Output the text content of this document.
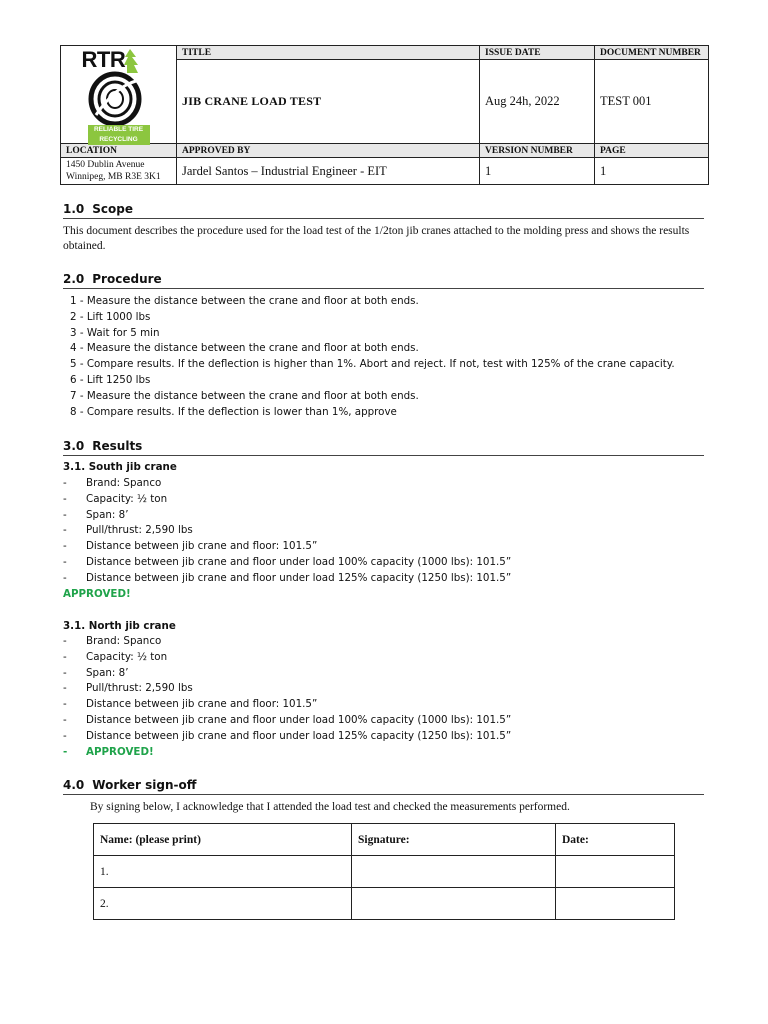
RTR
RELIABLE TIRE
RECYCLING	TITLE	ISSUE DATE	DOCUMENT NUMBER
	JIB CRANE LOAD TEST	Aug 24h, 2022	TEST 001
LOCATION	APPROVED BY	VERSION NUMBER	PAGE

1450 Dublin Avenue
Winnipeg, MB R3E 3K1	Jardel Santos – Industrial Engineer - EIT	1	1
1.0 Scope
This document describes the procedure used for the load test of the 1/2ton jib cranes attached to the molding press and shows the results obtained.
2.0 Procedure
1 - Measure the distance between the crane and floor at both ends.
2 - Lift 1000 lbs
3 - Wait for 5 min
4 - Measure the distance between the crane and floor at both ends.
5 - Compare results. If the deflection is higher than 1%. Abort and reject. If not, test with 125% of the crane capacity.
6 - Lift 1250 lbs
7 - Measure the distance between the crane and floor at both ends.
8 - Compare results. If the deflection is lower than 1%, approve
3.0 Results
3.1. South jib crane
-	Brand: Spanco
-	Capacity: ½ ton
-	Span: 8’
-	Pull/thrust: 2,590 lbs
-	Distance between jib crane and floor: 101.5”
-	Distance between jib crane and floor under load 100% capacity (1000 lbs): 101.5”
-	Distance between jib crane and floor under load 125% capacity (1250 lbs): 101.5”
APPROVED!
3.1. North jib crane
-	Brand: Spanco
-	Capacity: ½ ton
-	Span: 8’
-	Pull/thrust: 2,590 lbs
-	Distance between jib crane and floor: 101.5”
-	Distance between jib crane and floor under load 100% capacity (1000 lbs): 101.5”
-	Distance between jib crane and floor under load 125% capacity (1250 lbs): 101.5”
-	APPROVED!
4.0 Worker sign-off
By signing below, I acknowledge that I attended the load test and checked the measurements performed.
Name: (please print)	Signature:	Date:
1.		
2.		
